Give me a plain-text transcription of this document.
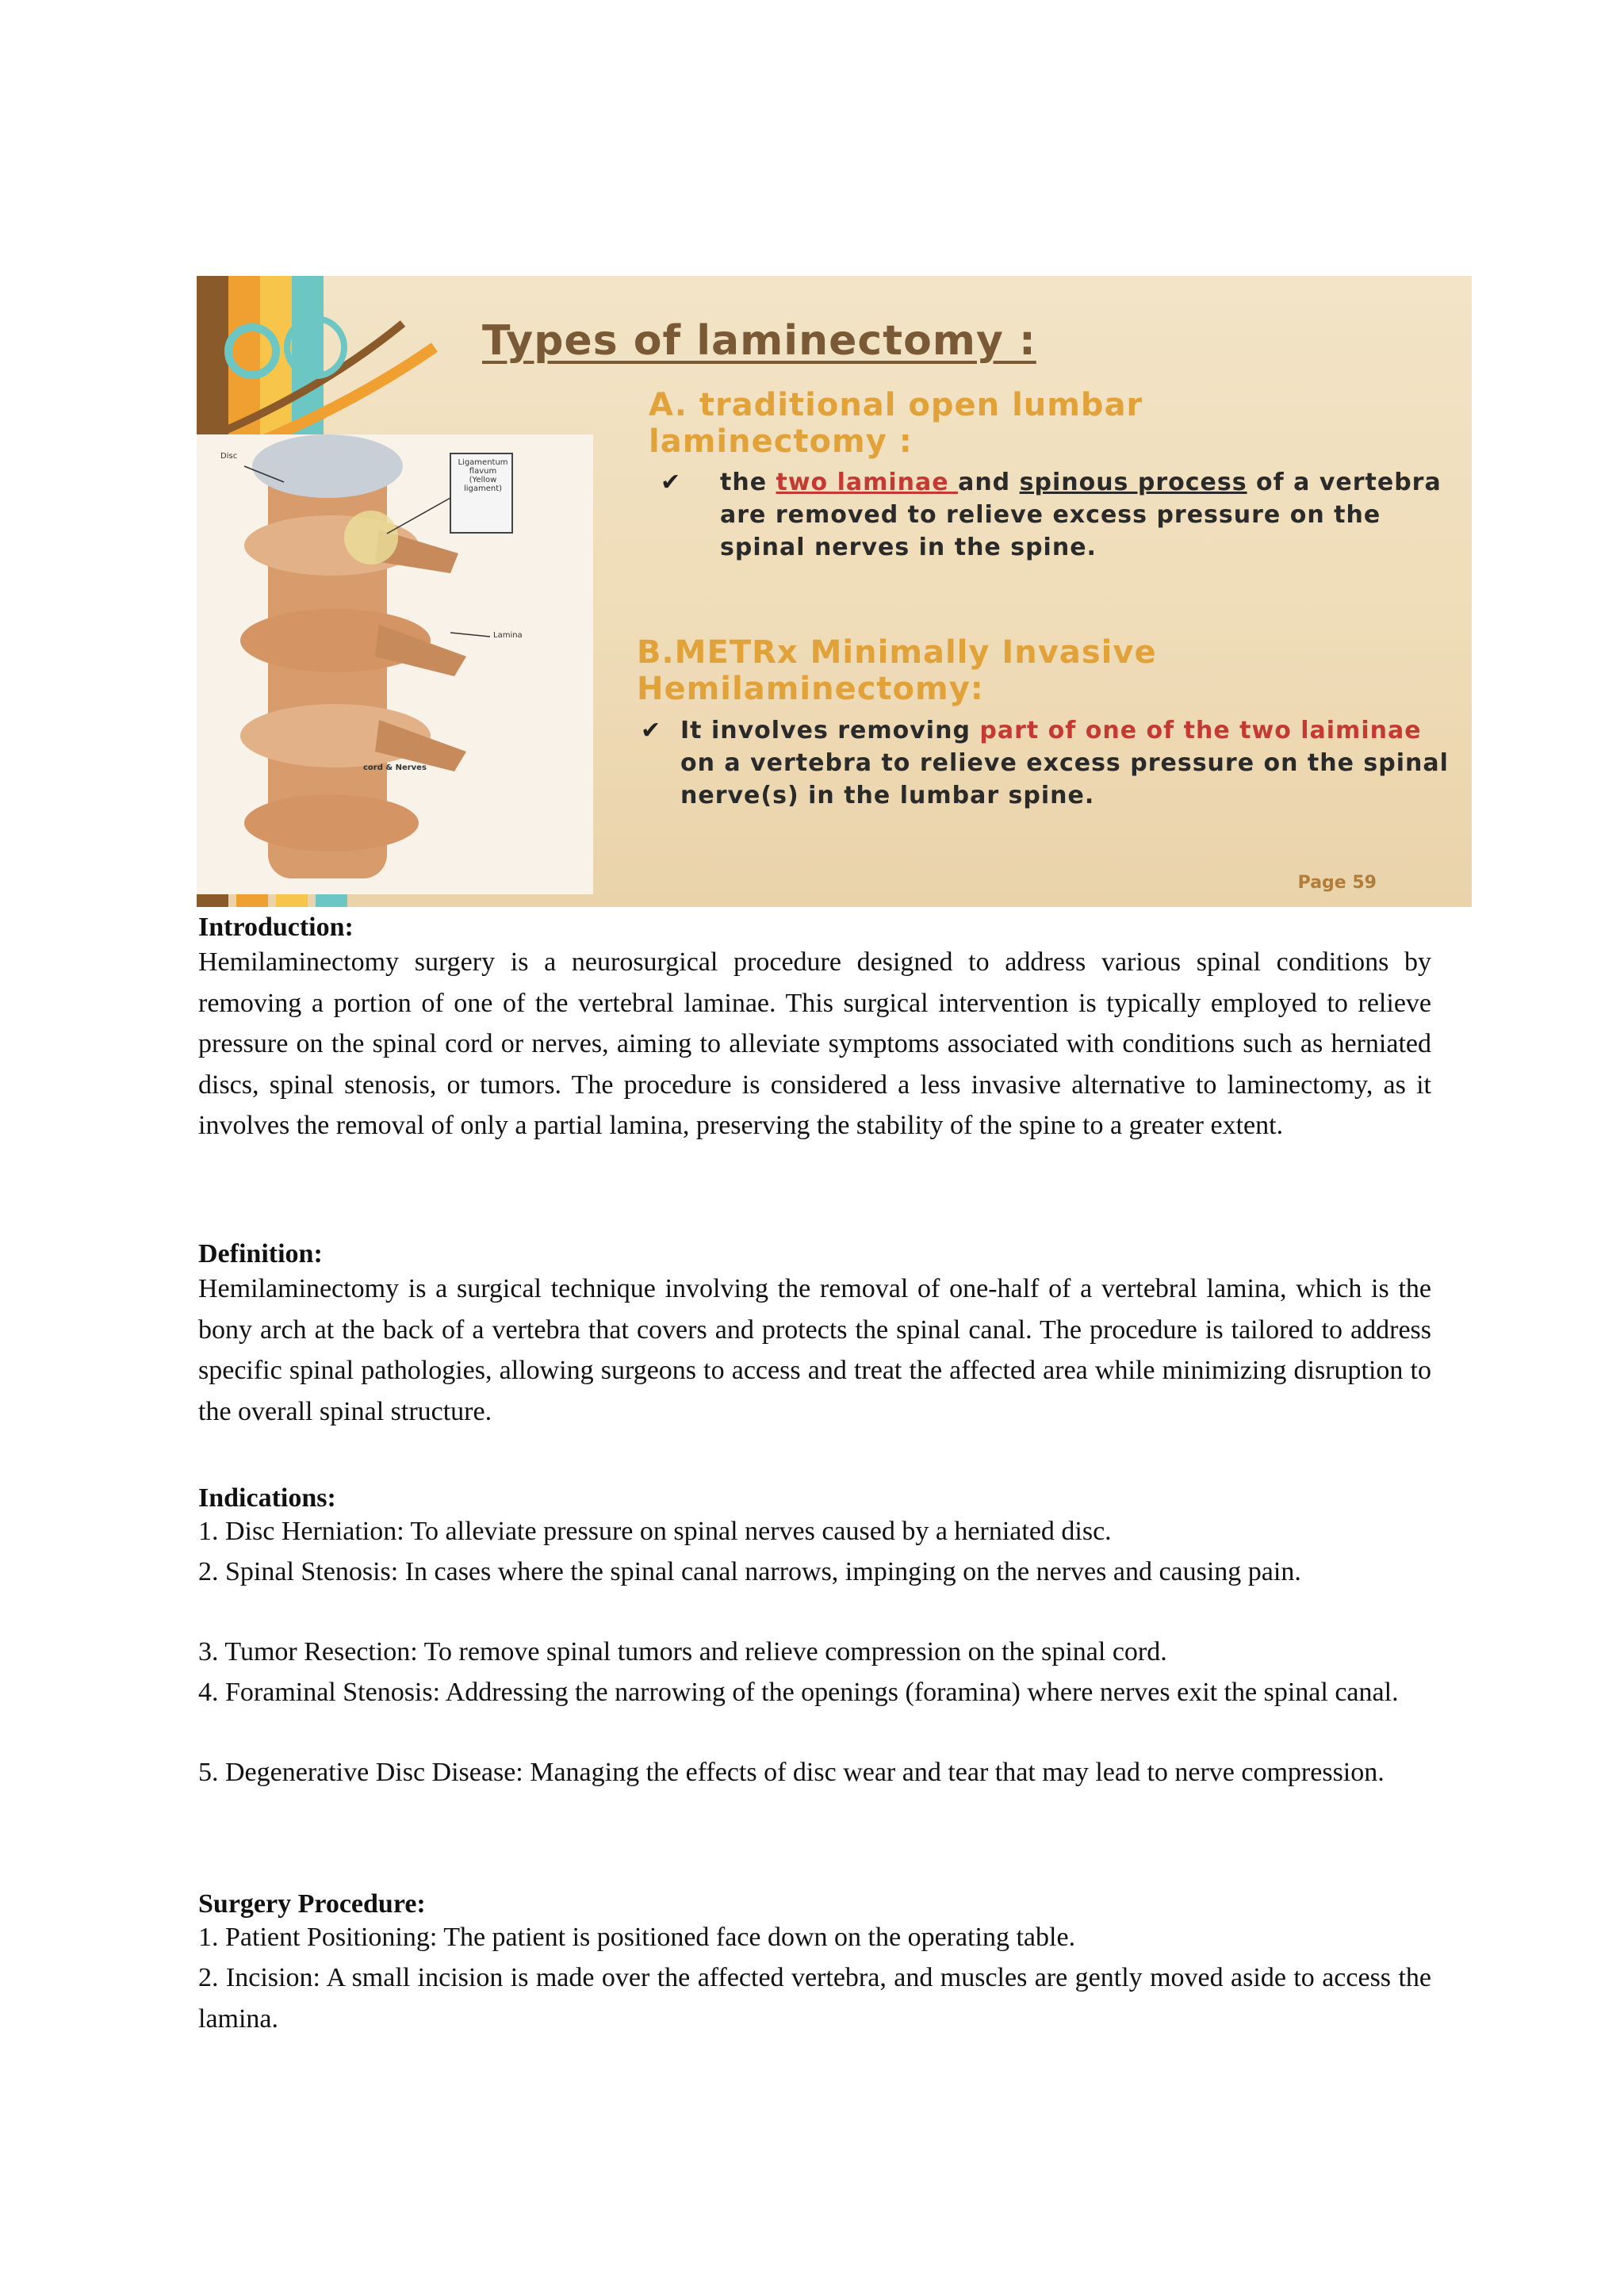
Disc
Ligamentum flavum (Yellow ligament)
Lamina
cord & Nerves
Types of laminectomy :
A. traditional open lumbar laminectomy :
✔ the two laminae and spinous process of a vertebra are removed to relieve excess pressure on the spinal nerves in the spine.
B.METRx Minimally Invasive Hemilaminectomy:
✔ It involves removing part of one of the two laiminae on a vertebra to relieve excess pressure on the spinal nerve(s) in the lumbar spine.
Page 59
Introduction:

Hemilaminectomy surgery is a neurosurgical procedure designed to address various spinal conditions by removing a portion of one of the vertebral laminae. This surgical intervention is typically employed to relieve pressure on the spinal cord or nerves, aiming to alleviate symptoms associated with conditions such as herniated discs, spinal stenosis, or tumors. The procedure is considered a less invasive alternative to laminectomy, as it involves the removal of only a partial lamina, preserving the stability of the spine to a greater extent.

Definition:

Hemilaminectomy is a surgical technique involving the removal of one-half of a vertebral lamina, which is the bony arch at the back of a vertebra that covers and protects the spinal canal. The procedure is tailored to address specific spinal pathologies, allowing surgeons to access and treat the affected area while minimizing disruption to the overall spinal structure.

Indications:

1. Disc Herniation: To alleviate pressure on spinal nerves caused by a herniated disc.

2. Spinal Stenosis: In cases where the spinal canal narrows, impinging on the nerves and causing pain.

3. Tumor Resection: To remove spinal tumors and relieve compression on the spinal cord.

4. Foraminal Stenosis: Addressing the narrowing of the openings (foramina) where nerves exit the spinal canal.

5. Degenerative Disc Disease: Managing the effects of disc wear and tear that may lead to nerve compression.

Surgery Procedure:

1. Patient Positioning: The patient is positioned face down on the operating table.

2. Incision: A small incision is made over the affected vertebra, and muscles are gently moved aside to access the lamina.
